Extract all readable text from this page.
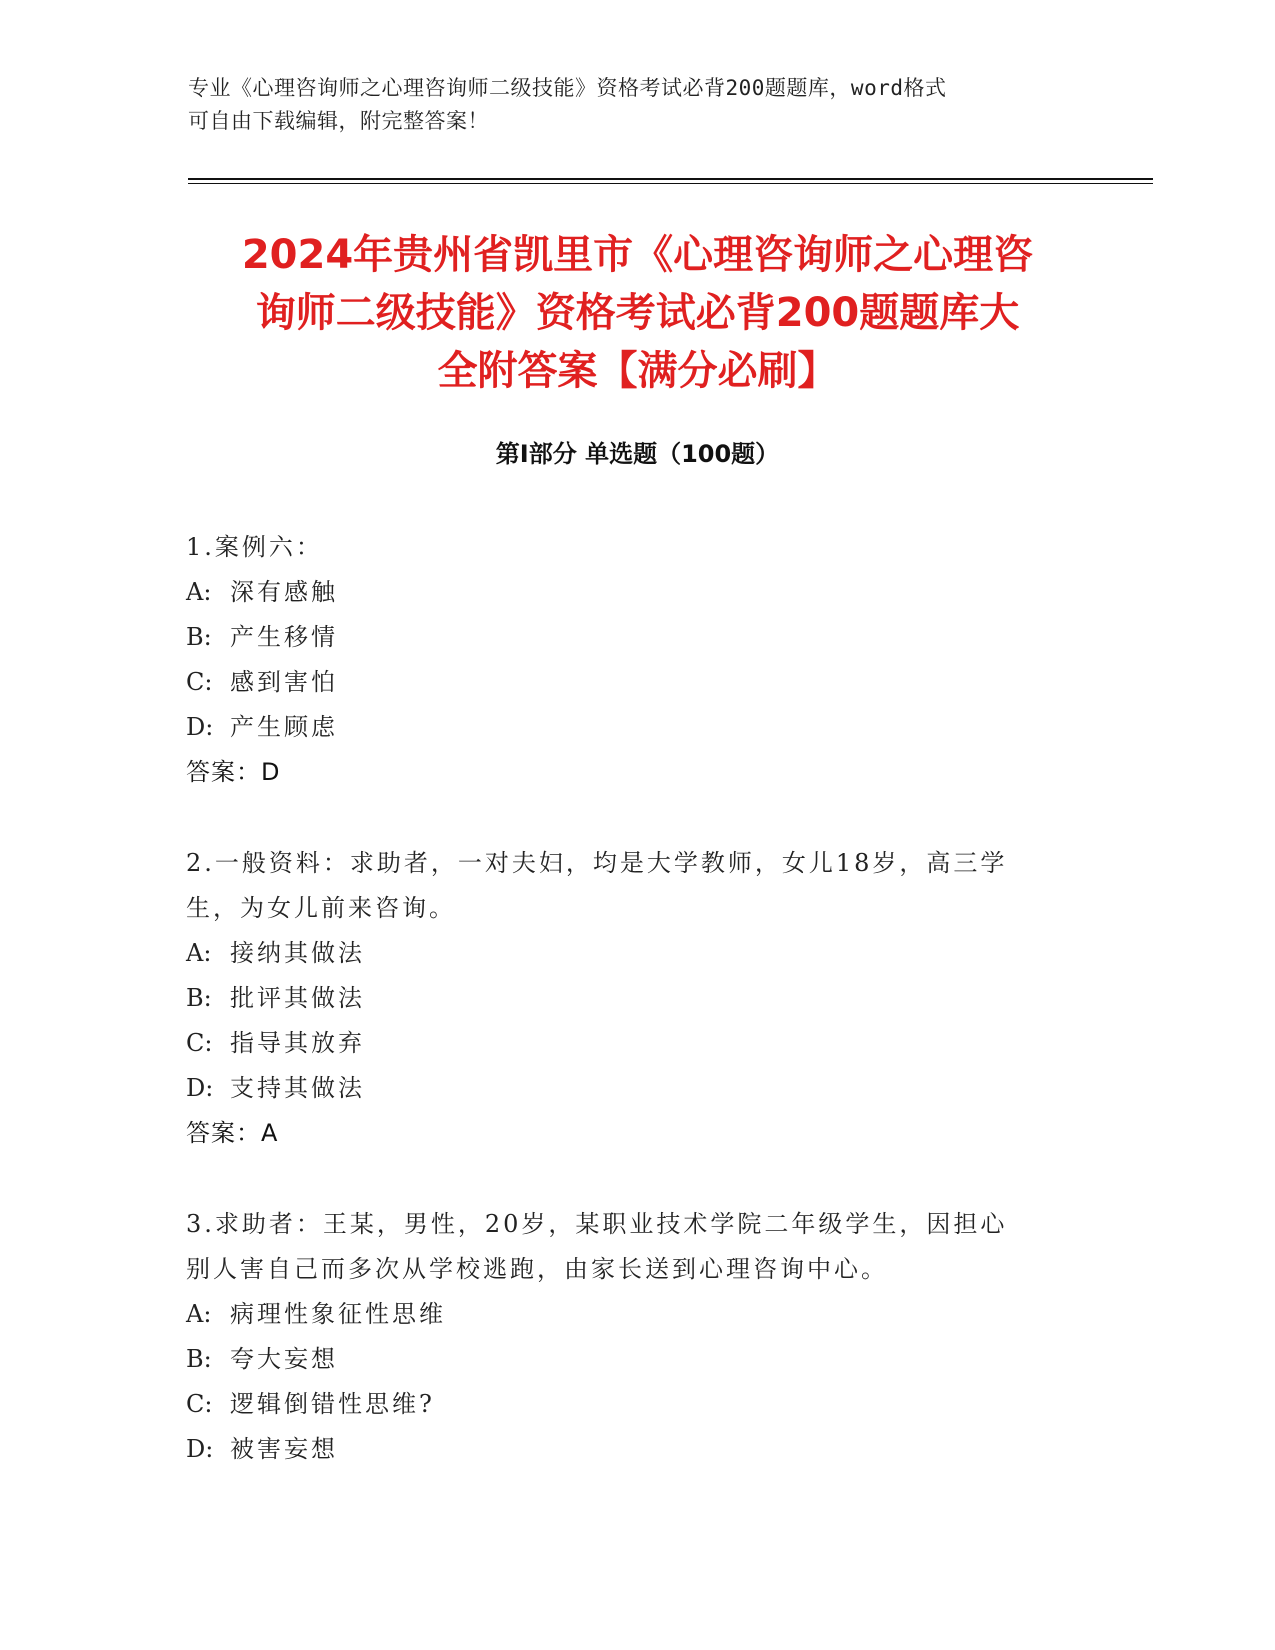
专业《心理咨询师之心理咨询师二级技能》资格考试必背200题题库，word格式
可自由下载编辑，附完整答案！
2024年贵州省凯里市《心理咨询师之心理咨
询师二级技能》资格考试必背200题题库大
全附答案【满分必刷】
第Ⅰ部分 单选题（100题）
1.案例六：
A: 深有感触
B: 产生移情
C: 感到害怕
D: 产生顾虑
答案：D
2.一般资料：求助者，一对夫妇，均是大学教师，女儿18岁，高三学
生，为女儿前来咨询。
A: 接纳其做法
B: 批评其做法
C: 指导其放弃
D: 支持其做法
答案：A
3.求助者：王某，男性，20岁，某职业技术学院二年级学生，因担心
别人害自己而多次从学校逃跑，由家长送到心理咨询中心。
A: 病理性象征性思维
B: 夸大妄想
C: 逻辑倒错性思维?
D: 被害妄想
